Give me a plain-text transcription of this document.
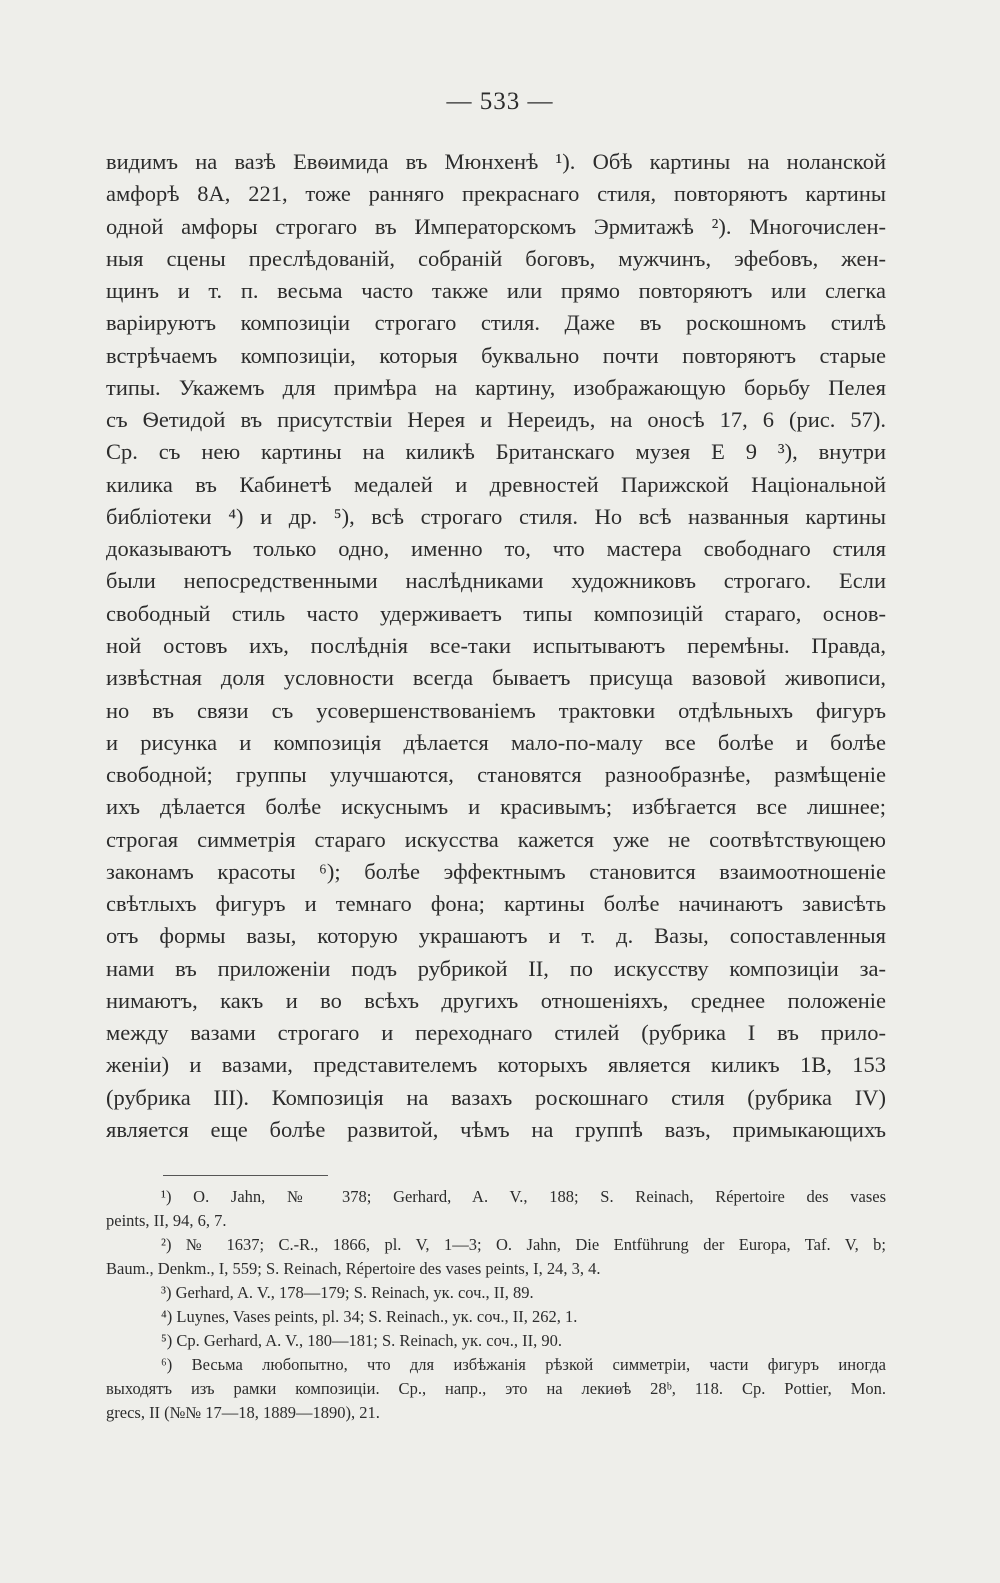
— 533 —
видимъ на вазѣ Евѳимида въ Мюнхенѣ ¹). Обѣ картины на ноланской
амфорѣ 8А, 221, тоже ранняго прекраснаго стиля, повторяютъ картины
одной амфоры строгаго въ Императорскомъ Эрмитажѣ ²). Многочислен-
ныя сцены преслѣдованій, собраній боговъ, мужчинъ, эфебовъ, жен-
щинъ и т. п. весьма часто также или прямо повторяютъ или слегка
варіируютъ композиціи строгаго стиля. Даже въ роскошномъ стилѣ
встрѣчаемъ композиціи, которыя буквально почти повторяютъ старые
типы. Укажемъ для примѣра на картину, изображающую борьбу Пелея
съ Ѳетидой въ присутствіи Нерея и Нереидъ, на оносѣ 17, 6 (рис. 57).
Ср. съ нею картины на киликѣ Британскаго музея Е 9 ³), внутри
килика въ Кабинетѣ медалей и древностей Парижской Національной
библіотеки ⁴) и др. ⁵), всѣ строгаго стиля. Но всѣ названныя картины
доказываютъ только одно, именно то, что мастера свободнаго стиля
были непосредственными наслѣдниками художниковъ строгаго. Если
свободный стиль часто удерживаетъ типы композицій стараго, основ-
ной остовъ ихъ, послѣднія все-таки испытываютъ перемѣны. Правда,
извѣстная доля условности всегда бываетъ присуща вазовой живописи,
но въ связи съ усовершенствованіемъ трактовки отдѣльныхъ фигуръ
и рисунка и композиція дѣлается мало-по-малу все болѣе и болѣе
свободной; группы улучшаются, становятся разнообразнѣе, размѣщеніе
ихъ дѣлается болѣе искуснымъ и красивымъ; избѣгается все лишнее;
строгая симметрія стараго искусства кажется уже не соотвѣтствующею
законамъ красоты ⁶); болѣе эффектнымъ становится взаимоотношеніе
свѣтлыхъ фигуръ и темнаго фона; картины болѣе начинаютъ зависѣть
отъ формы вазы, которую украшаютъ и т. д. Вазы, сопоставленныя
нами въ приложеніи подъ рубрикой II, по искусству композиціи за-
нимаютъ, какъ и во всѣхъ другихъ отношеніяхъ, среднее положеніе
между вазами строгаго и переходнаго стилей (рубрика I въ прило-
женіи) и вазами, представителемъ которыхъ является киликъ 1В, 153
(рубрика III). Композиція на вазахъ роскошнаго стиля (рубрика IV)
является еще болѣе развитой, чѣмъ на группѣ вазъ, примыкающихъ
¹) O. Jahn, № 378; Gerhard, A. V., 188; S. Reinach, Répertoire des vases
peints, II, 94, 6, 7.
²) № 1637; C.-R., 1866, pl. V, 1—3; O. Jahn, Die Entführung der Europa, Taf. V, b;
Baum., Denkm., I, 559; S. Reinach, Répertoire des vases peints, I, 24, 3, 4.
³) Gerhard, A. V., 178—179; S. Reinach, ук. соч., II, 89.
⁴) Luynes, Vases peints, pl. 34; S. Reinach., ук. соч., II, 262, 1.
⁵) Ср. Gerhard, A. V., 180—181; S. Reinach, ук. соч., II, 90.
⁶) Весьма любопытно, что для избѣжанія рѣзкой симметріи, части фигуръ иногда
выходятъ изъ рамки композиціи. Ср., напр., это на лекиѳѣ 28ᵇ, 118. Ср. Pottier, Mon.
grecs, II (№№ 17—18, 1889—1890), 21.
